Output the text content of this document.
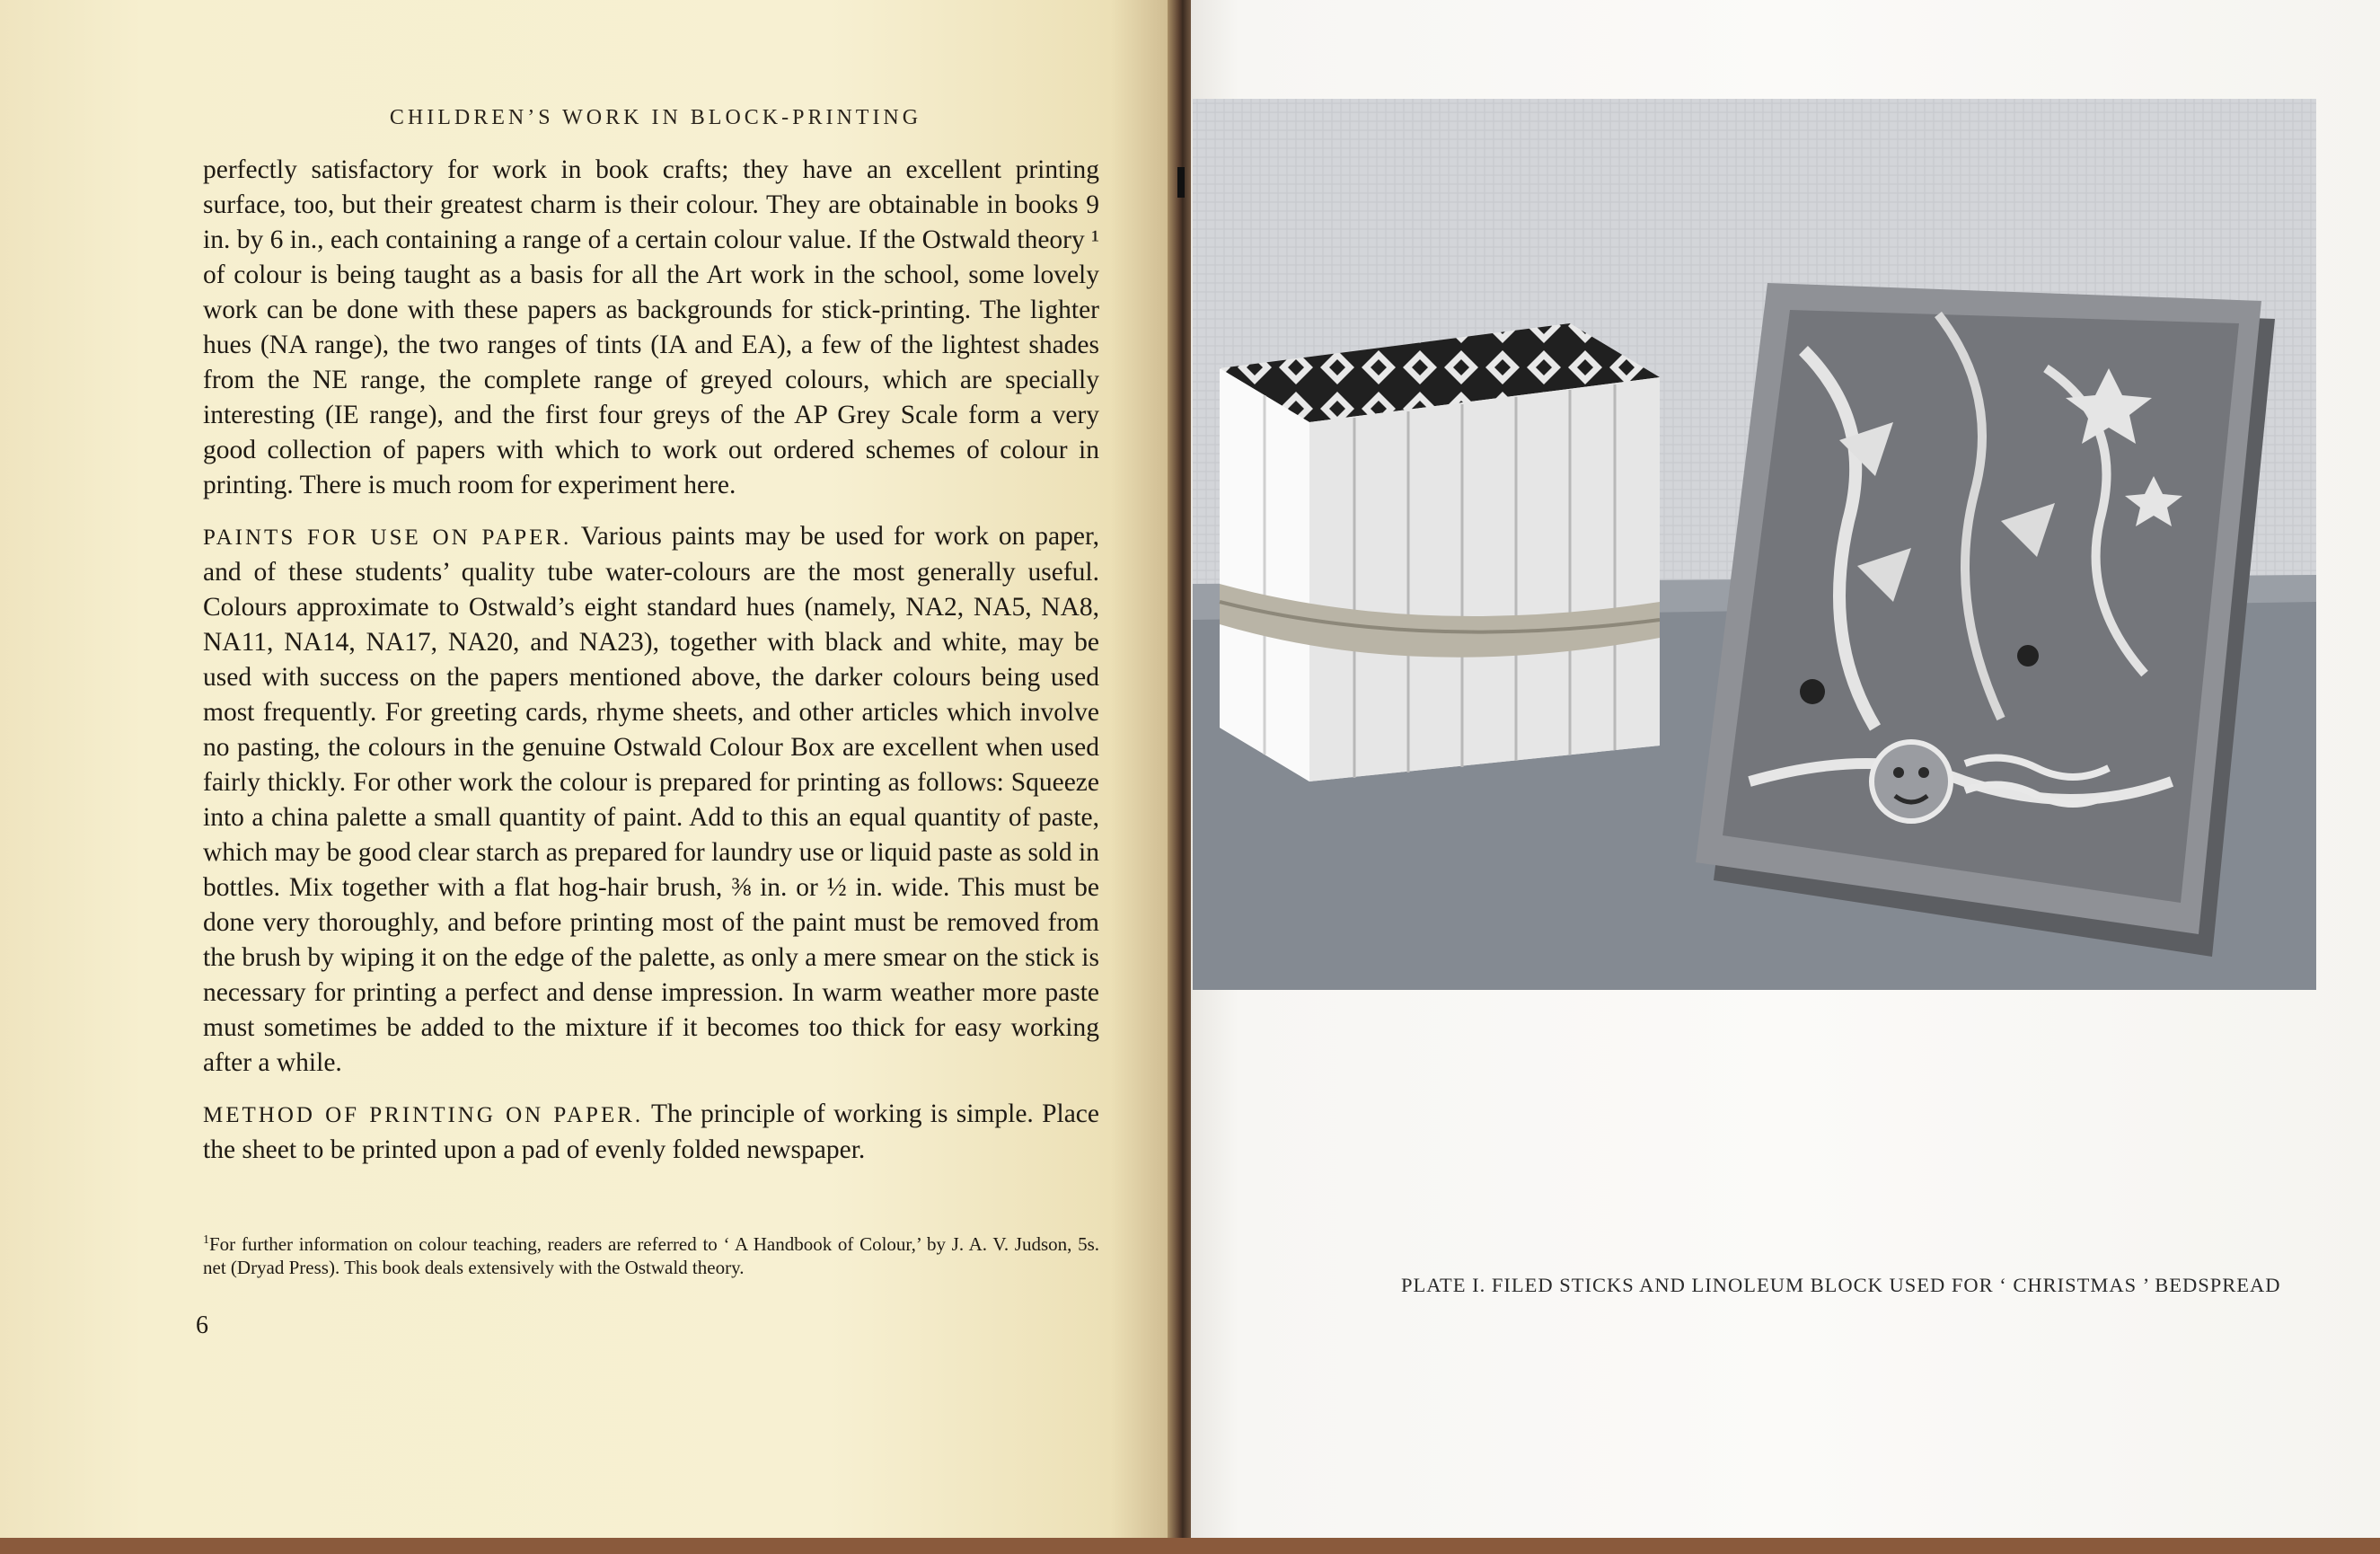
CHILDREN’S WORK IN BLOCK-PRINTING

perfectly satisfactory for work in book crafts; they have an excellent printing surface, too, but their greatest charm is their colour. They are obtainable in books 9 in. by 6 in., each containing a range of a certain colour value. If the Ostwald theory ¹ of colour is being taught as a basis for all the Art work in the school, some lovely work can be done with these papers as backgrounds for stick-printing. The lighter hues (NA range), the two ranges of tints (IA and EA), a few of the lightest shades from the NE range, the complete range of greyed colours, which are specially interesting (IE range), and the first four greys of the AP Grey Scale form a very good collection of papers with which to work out ordered schemes of colour in printing. There is much room for experiment here.

PAINTS FOR USE ON PAPER. Various paints may be used for work on paper, and of these students’ quality tube water-colours are the most generally useful. Colours approximate to Ostwald’s eight standard hues (namely, NA2, NA5, NA8, NA11, NA14, NA17, NA20, and NA23), together with black and white, may be used with success on the papers mentioned above, the darker colours being used most frequently. For greeting cards, rhyme sheets, and other articles which involve no pasting, the colours in the genuine Ostwald Colour Box are excellent when used fairly thickly. For other work the colour is prepared for printing as follows: Squeeze into a china palette a small quantity of paint. Add to this an equal quantity of paste, which may be good clear starch as prepared for laundry use or liquid paste as sold in bottles. Mix together with a flat hog-hair brush, ⅜ in. or ½ in. wide. This must be done very thoroughly, and before printing most of the paint must be removed from the brush by wiping it on the edge of the palette, as only a mere smear on the stick is necessary for printing a perfect and dense impression. In warm weather more paste must sometimes be added to the mixture if it becomes too thick for easy working after a while.

METHOD OF PRINTING ON PAPER. The principle of working is simple. Place the sheet to be printed upon a pad of evenly folded newspaper.

$^1$For further information on colour teaching, readers are referred to ‘ A Handbook of Colour,’ by J. A. V. Judson, 5s. net (Dryad Press). This book deals extensively with the Ostwald theory.
6
PLATE I. FILED STICKS AND LINOLEUM BLOCK USED FOR ‘ CHRISTMAS ’ BEDSPREAD
